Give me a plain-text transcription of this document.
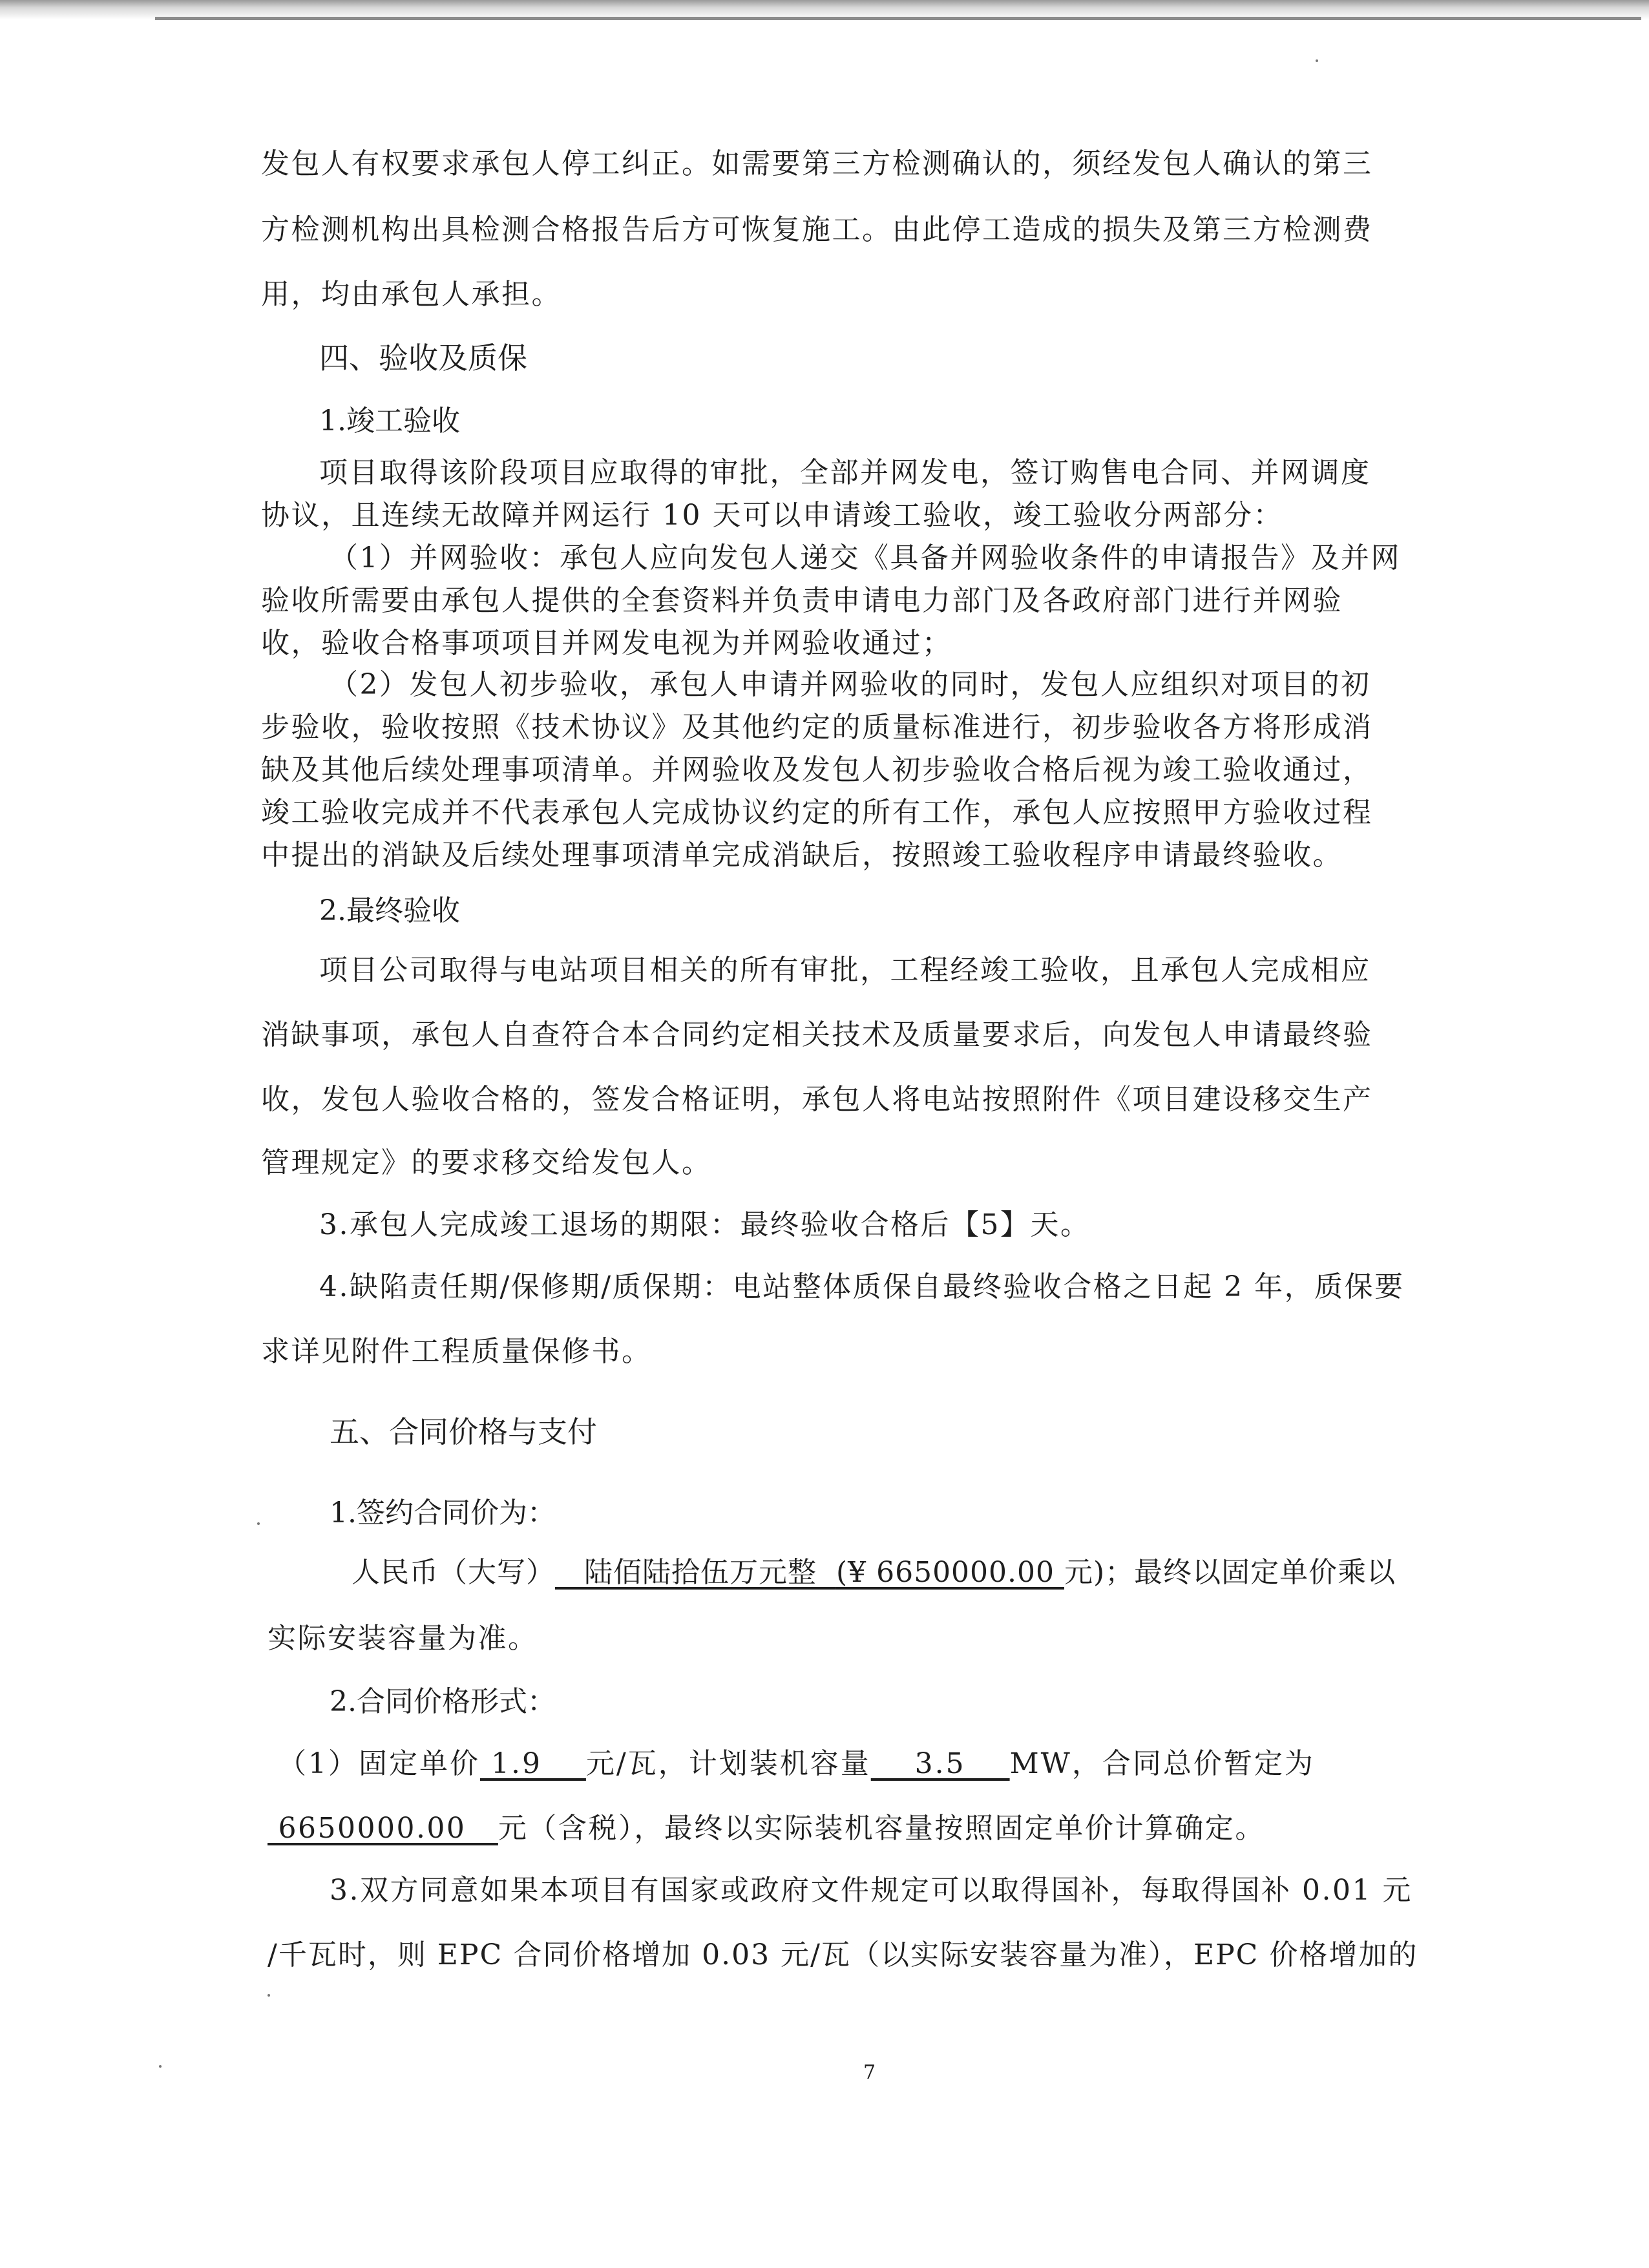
发包人有权要求承包人停工纠正。如需要第三方检测确认的，须经发包人确认的第三
方检测机构出具检测合格报告后方可恢复施工。由此停工造成的损失及第三方检测费
用，均由承包人承担。
四、验收及质保
1.竣工验收
项目取得该阶段项目应取得的审批，全部并网发电，签订购售电合同、并网调度
协议，且连续无故障并网运行 10 天可以申请竣工验收，竣工验收分两部分：
（1）并网验收：承包人应向发包人递交《具备并网验收条件的申请报告》及并网
验收所需要由承包人提供的全套资料并负责申请电力部门及各政府部门进行并网验
收，验收合格事项项目并网发电视为并网验收通过；
（2）发包人初步验收，承包人申请并网验收的同时，发包人应组织对项目的初
步验收，验收按照《技术协议》及其他约定的质量标准进行，初步验收各方将形成消
缺及其他后续处理事项清单。并网验收及发包人初步验收合格后视为竣工验收通过，
竣工验收完成并不代表承包人完成协议约定的所有工作，承包人应按照甲方验收过程
中提出的消缺及后续处理事项清单完成消缺后，按照竣工验收程序申请最终验收。
2.最终验收
项目公司取得与电站项目相关的所有审批，工程经竣工验收，且承包人完成相应
消缺事项，承包人自查符合本合同约定相关技术及质量要求后，向发包人申请最终验
收，发包人验收合格的，签发合格证明，承包人将电站按照附件《项目建设移交生产
管理规定》的要求移交给发包人。
3.承包人完成竣工退场的期限：最终验收合格后【5】天。
4.缺陷责任期/保修期/质保期：电站整体质保自最终验收合格之日起 2 年，质保要
求详见附件工程质量保修书。
五、合同价格与支付
1.签约合同价为：
人民币（大写）   陆佰陆拾伍万元整  (¥ 6650000.00 元)；最终以固定单价乘以
实际安装容量为准。
2.合同价格形式：
（1）固定单价 1.9    元/瓦，计划装机容量    3.5    MW，合同总价暂定为
6650000.00   元（含税），最终以实际装机容量按照固定单价计算确定。
3.双方同意如果本项目有国家或政府文件规定可以取得国补，每取得国补 0.01 元
/千瓦时，则 EPC 合同价格增加 0.03 元/瓦（以实际安装容量为准），EPC 价格增加的
7
